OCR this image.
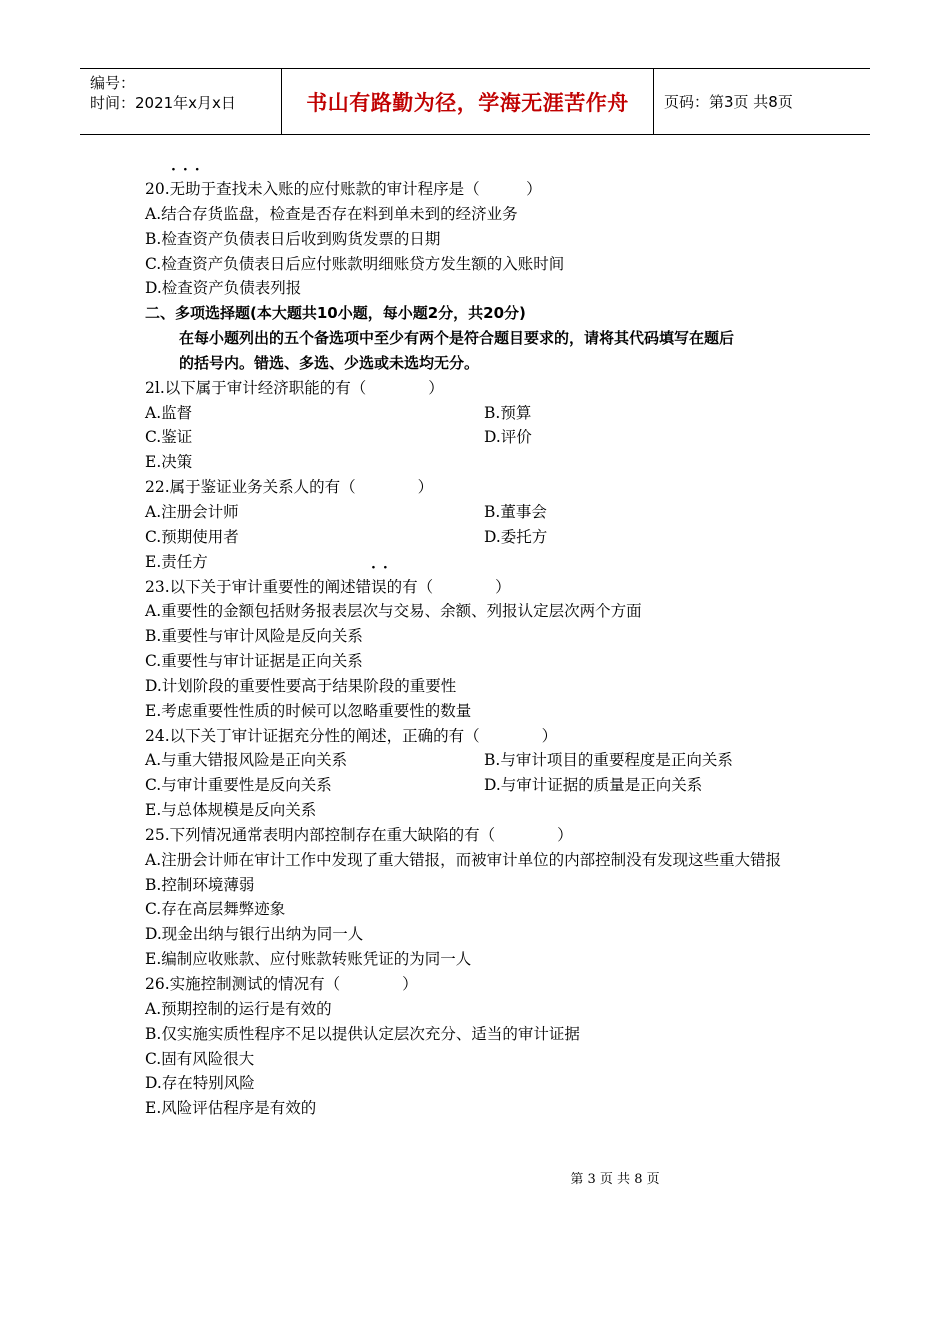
编号：
时间：2021年x月x日	书山有路勤为径，学海无涯苦作舟 页码：第3页 共8页
···
20.无助于查找未入账的应付账款的审计程序是（　　　）
A.结合存货监盘，检查是否存在料到单未到的经济业务
B.检查资产负债表日后收到购货发票的日期
C.检查资产负债表日后应付账款明细账贷方发生额的入账时间
D.检查资产负债表列报
二、多项选择题(本大题共10小题，每小题2分，共20分)
在每小题列出的五个备选项中至少有两个是符合题目要求的，请将其代码填写在题后
的括号内。错选、多选、少选或未选均无分。
2l.以下属于审计经济职能的有（　　　　）
A.监督	B.预算
C.鉴证	D.评价
E.决策
22.属于鉴证业务关系人的有（　　　　）
A.注册会计师	B.董事会
C.预期使用者	D.委托方
E.责任方	··
23.以下关于审计重要性的阐述错误的有（　　　　）
A.重要性的金额包括财务报表层次与交易、余额、列报认定层次两个方面
B.重要性与审计风险是反向关系
C.重要性与审计证据是正向关系
D.计划阶段的重要性要高于结果阶段的重要性
E.考虑重要性性质的时候可以忽略重要性的数量
24.以下关丁审计证据充分性的阐述，正确的有（　　　　）
A.与重大错报风险是正向关系	B.与审计项目的重要程度是正向关系
C.与审计重要性是反向关系	D.与审计证据的质量是正向关系
E.与总体规模是反向关系
25.下列情况通常表明内部控制存在重大缺陷的有（　　　　）
A.注册会计师在审计工作中发现了重大错报，而被审计单位的内部控制没有发现这些重大错报
B.控制环境薄弱
C.存在高层舞弊迹象
D.现金出纳与银行出纳为同一人
E.编制应收账款、应付账款转账凭证的为同一人
26.实施控制测试的情况有（　　　　）
A.预期控制的运行是有效的
B.仅实施实质性程序不足以提供认定层次充分、适当的审计证据
C.固有风险很大
D.存在特别风险
E.风险评估程序是有效的
第 3 页 共 8 页
